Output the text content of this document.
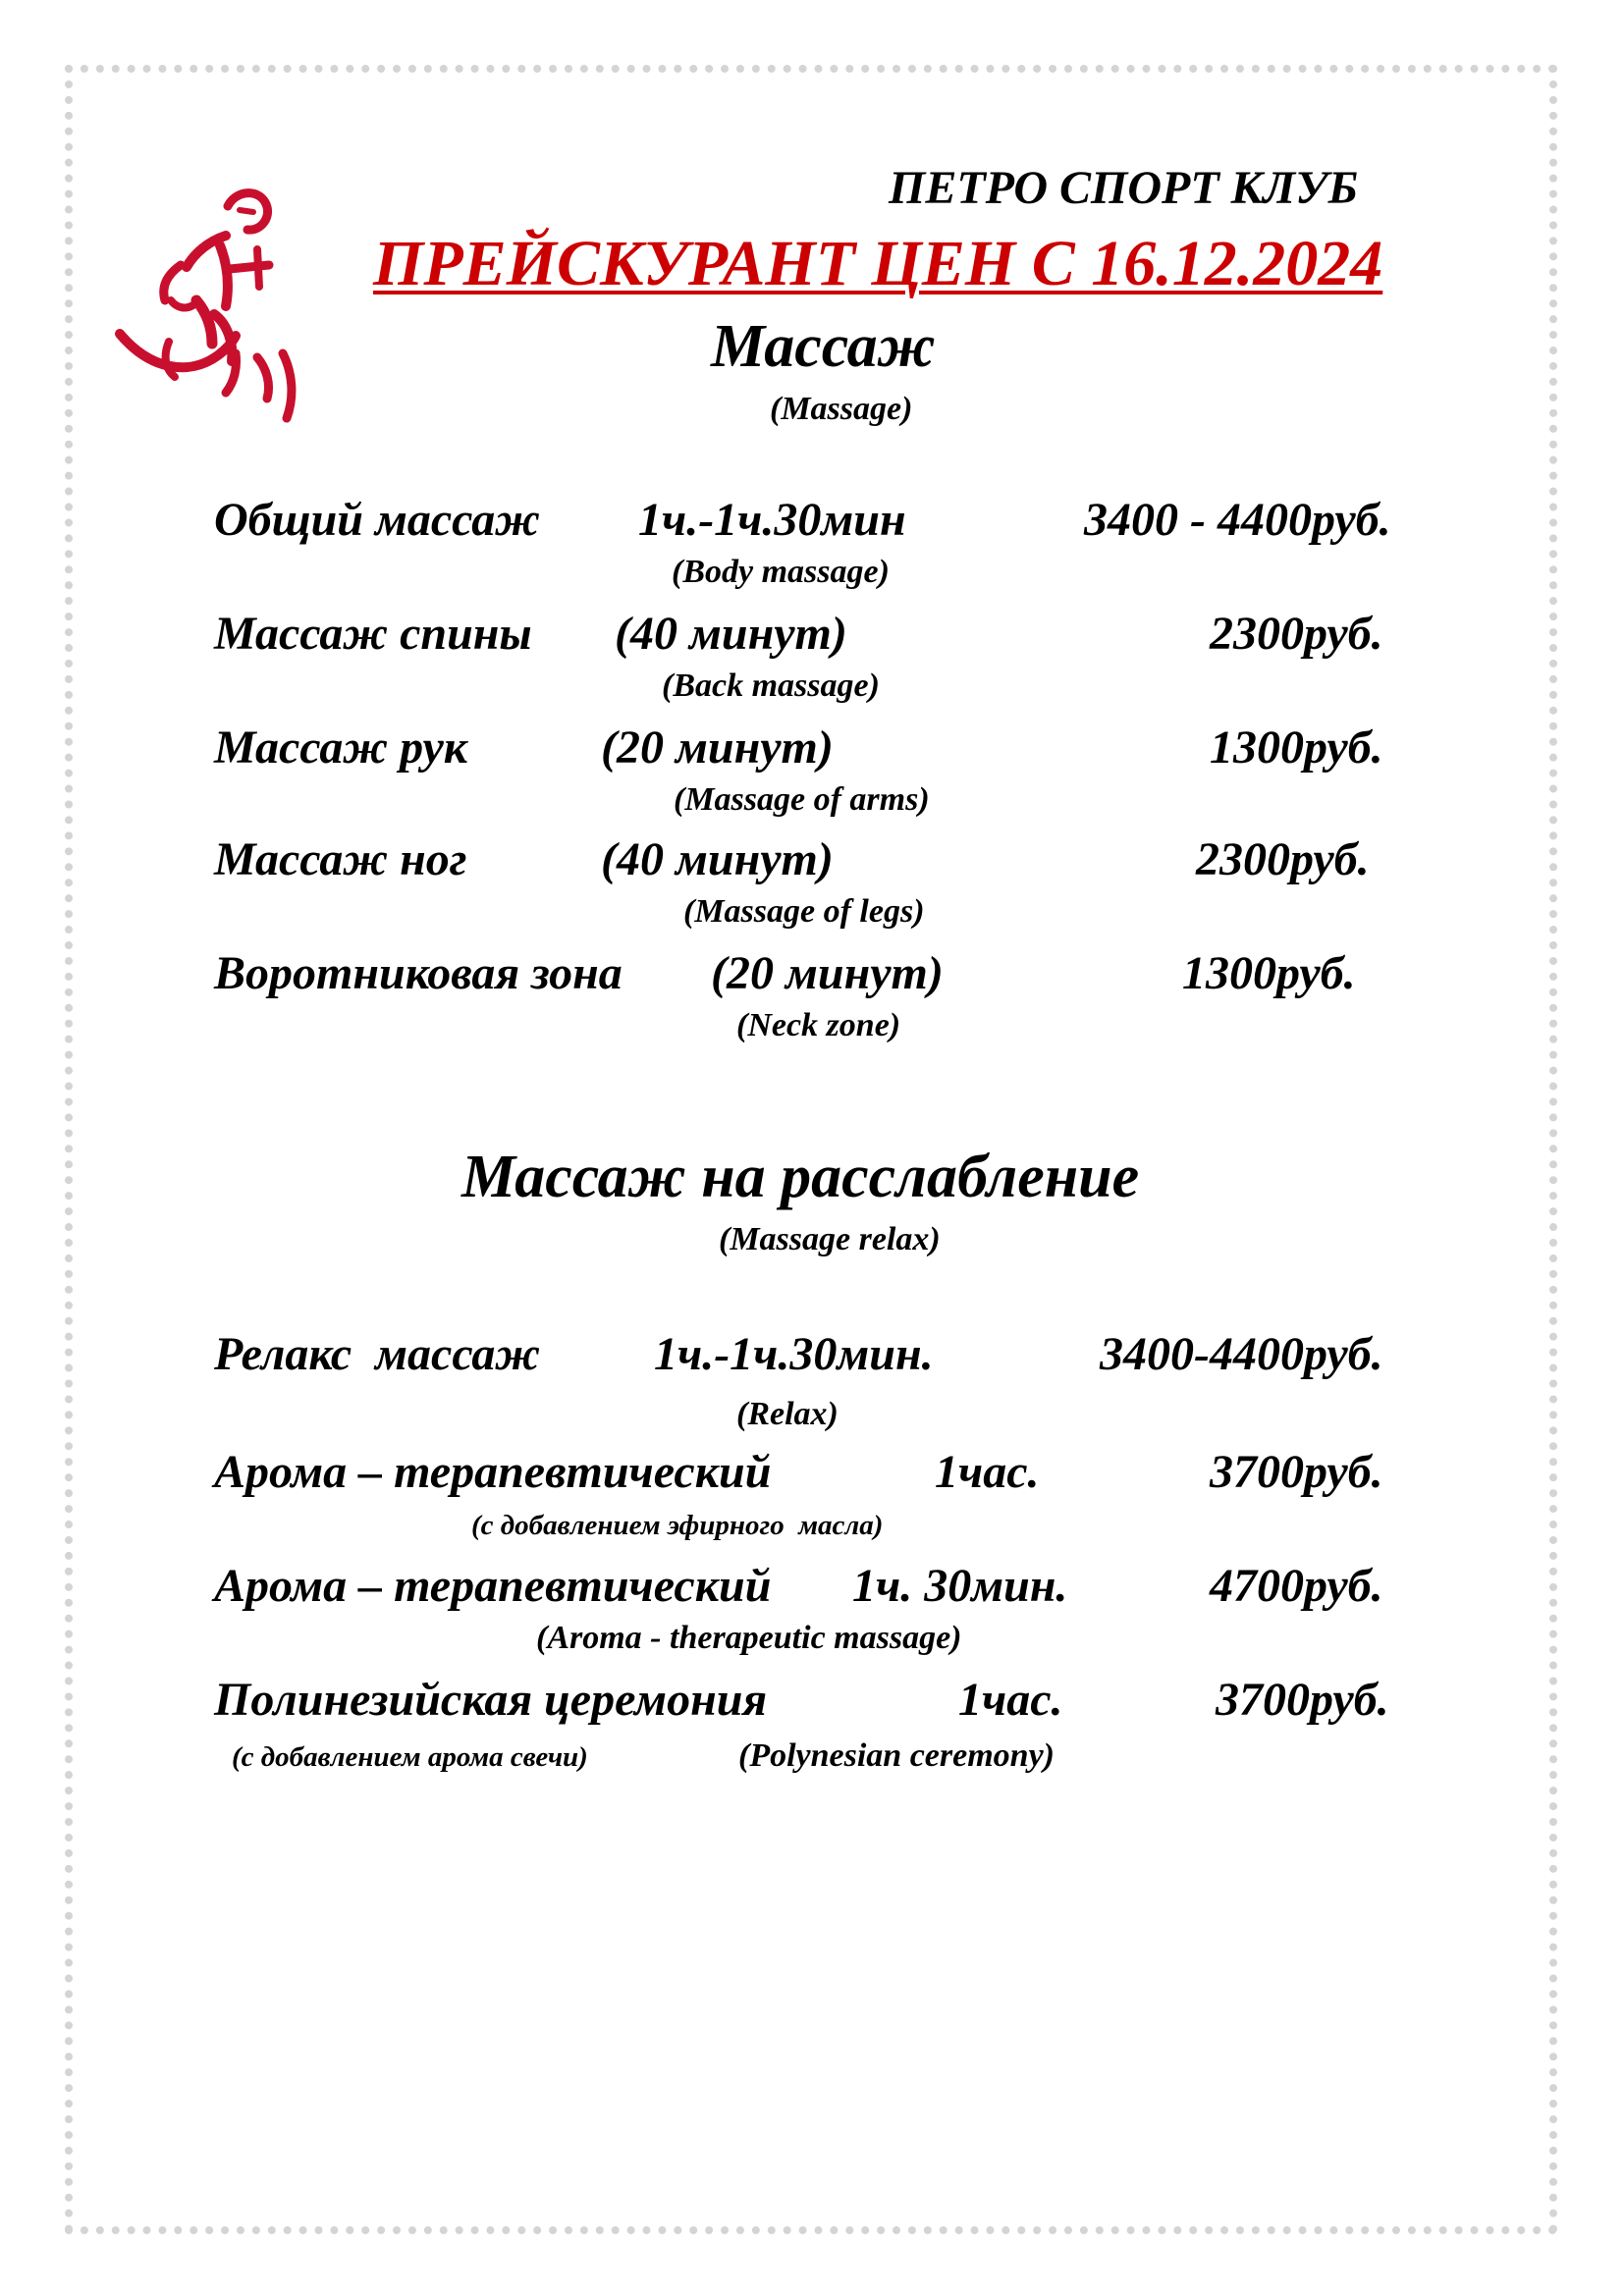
ПЕТРО СПОРТ КЛУБ
ПРЕЙСКУРАНТ ЦЕН С 16.12.2024
Массаж
(Massage)
Общий массаж 1ч.-1ч.30мин	3400 - 4400руб.
(Body massage)
Массаж спины (40 минут)	2300руб.
(Back massage)
Массаж рук	(20 минут)	1300руб.
(Massage of arms)
Массаж ног	(40 минут)	2300руб.
(Massage of legs)
Воротниковая зона (20 минут)	1300руб.
(Neck zone)
Массаж на расслабление
(Massage relax)
Релакс  массаж 1ч.-1ч.30мин.	3400-4400руб.
(Relax)
Арома – терапевтический	1час.	3700руб.
(с добавлением эфирного  масла)
Арома – терапевтический 1ч. 30мин.	4700руб.
(Aroma - therapeutic massage)
Полинезийская церемония	1час.	3700руб.
(с добавлением арома свечи)	(Polynesian ceremony)
